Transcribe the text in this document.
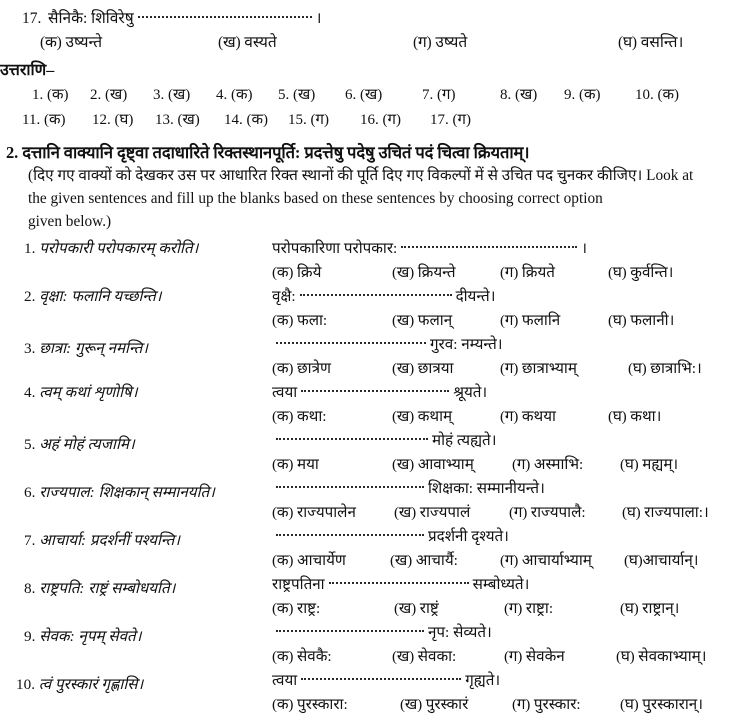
17. सैनिकै: शिविरेषु	।
(क) उष्यन्ते	(ख) वस्यते	(ग) उष्यते	(घ) वसन्ति।
उत्तराणि–
1. (क) 2. (ख) 3. (ख) 4. (क) 5. (ख) 6. (ख)	7. (ग)	8. (ख) 9. (क) 10. (क)
11. (क) 12. (घ) 13. (ख) 14. (क) 15. (ग) 16. (ग) 17. (ग)
2. दत्तानि वाक्यानि दृष्ट्वा तदाधारिते रिक्तस्थानपूर्ति: प्रदत्तेषु पदेषु उचितं पदं चित्वा क्रियताम्।
(दिए गए वाक्यों को देखकर उस पर आधारित रिक्त स्थानों की पूर्ति दिए गए विकल्पों में से उचित पद चुनकर कीजिए। Look at
the given sentences and fill up the blanks based on these sentences by choosing correct option
given below.)
1. परोपकारी परोपकारम् करोति।	परोपकारिणा परोपकार:	।
(क) क्रिये	(ख) क्रियन्ते	(ग) क्रियते	(घ) कुर्वन्ति।
2. वृक्षा: फलानि यच्छन्ति।	वृक्षै:	दीयन्ते।
(क) फला:	(ख) फलान्	(ग) फलानि	(घ) फलानी।
3. छात्रा: गुरून् नमन्ति।	गुरव: नम्यन्ते।
(क) छात्रेण	(ख) छात्रया	(ग) छात्राभ्याम्	(घ) छात्राभि:।
4. त्वम् कथां शृणोषि।	त्वया	श्रूयते।
(क) कथा:	(ख) कथाम्	(ग) कथया	(घ) कथा।
5. अहं मोहं त्यजामि।	मोहं त्यह्यते।
(क) मया	(ख) आवाभ्याम्	(ग) अस्माभि: (घ) मह्यम्।
6. राज्यपाल: शिक्षकान् सम्मानयति।	शिक्षका: सम्मानीयन्ते।
(क) राज्यपालेन	(ख) राज्यपालं	(ग) राज्यपालै: (घ) राज्यपाला:।
7. आचार्या: प्रदर्शनीं पश्यन्ति।	प्रदर्शनी दृश्यते।
(क) आचार्येण	(ख) आचार्यै:	(ग) आचार्याभ्याम् (घ)आचार्यान्।
8. राष्ट्रपति: राष्ट्रं सम्बोधयति।	राष्ट्रपतिना	सम्बोध्यते।
(क) राष्ट्र:	(ख) राष्ट्रं	(ग) राष्ट्रा:	(घ) राष्ट्रान्।
9. सेवक: नृपम् सेवते।	नृप: सेव्यते।
(क) सेवकै:	(ख) सेवका:	(ग) सेवकेन	(घ) सेवकाभ्याम्।
10. त्वं पुरस्कारं गृह्णासि।	त्वया	गृह्यते।
(क) पुरस्कारा:	(ख) पुरस्कारं	(ग) पुरस्कार:	(घ) पुरस्कारान्।
